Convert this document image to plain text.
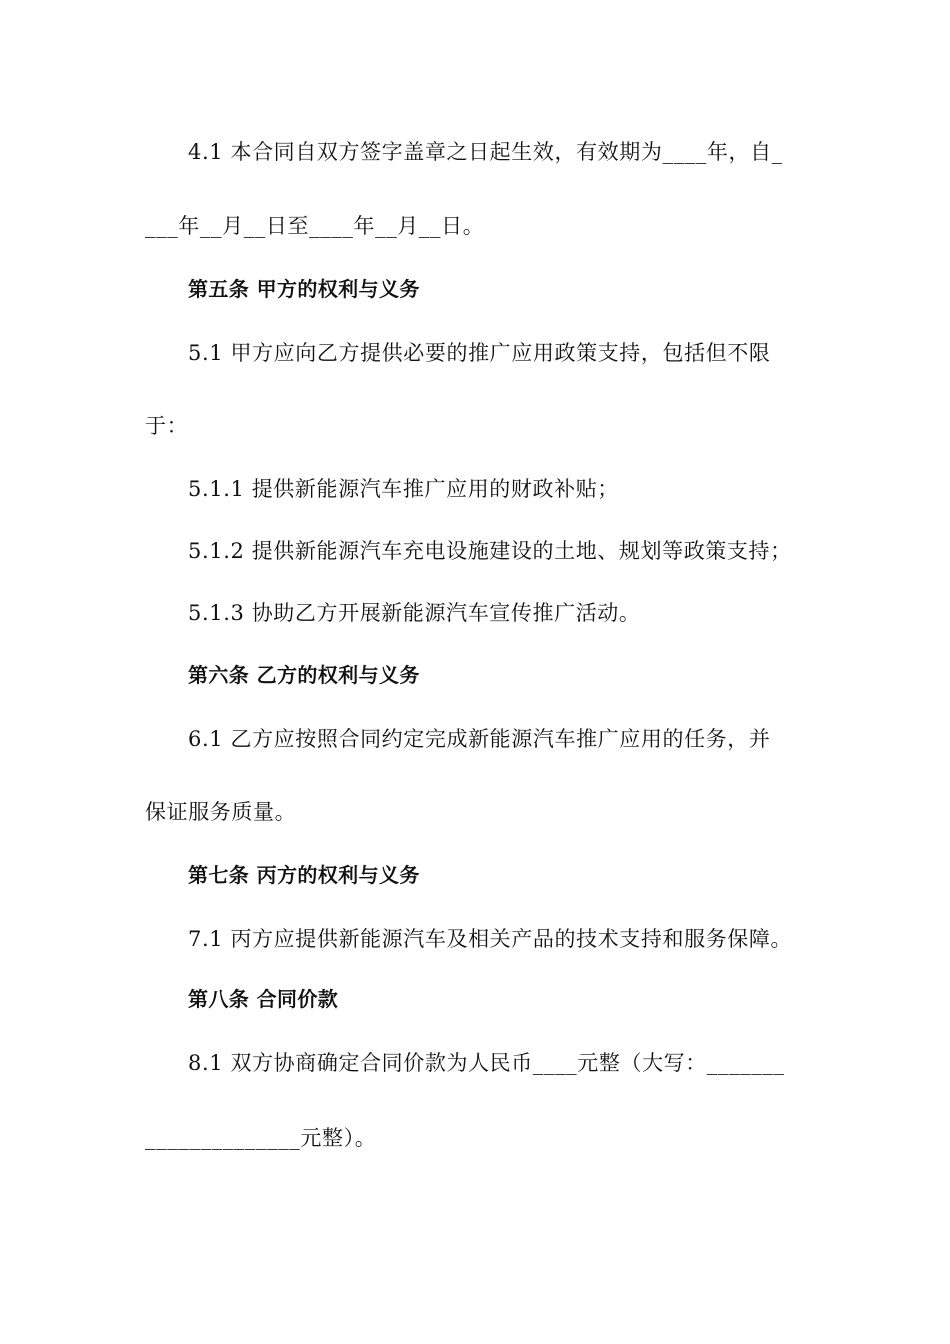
4.1 本合同自双方签字盖章之日起生效，有效期为____年，自_
___年__月__日至____年__月__日。
第五条 甲方的权利与义务
5.1 甲方应向乙方提供必要的推广应用政策支持，包括但不限
于：
5.1.1 提供新能源汽车推广应用的财政补贴；
5.1.2 提供新能源汽车充电设施建设的土地、规划等政策支持；
5.1.3 协助乙方开展新能源汽车宣传推广活动。
第六条 乙方的权利与义务
6.1 乙方应按照合同约定完成新能源汽车推广应用的任务，并
保证服务质量。
第七条 丙方的权利与义务
7.1 丙方应提供新能源汽车及相关产品的技术支持和服务保障。
第八条 合同价款
8.1 双方协商确定合同价款为人民币____元整（大写：_______
______________元整）。
